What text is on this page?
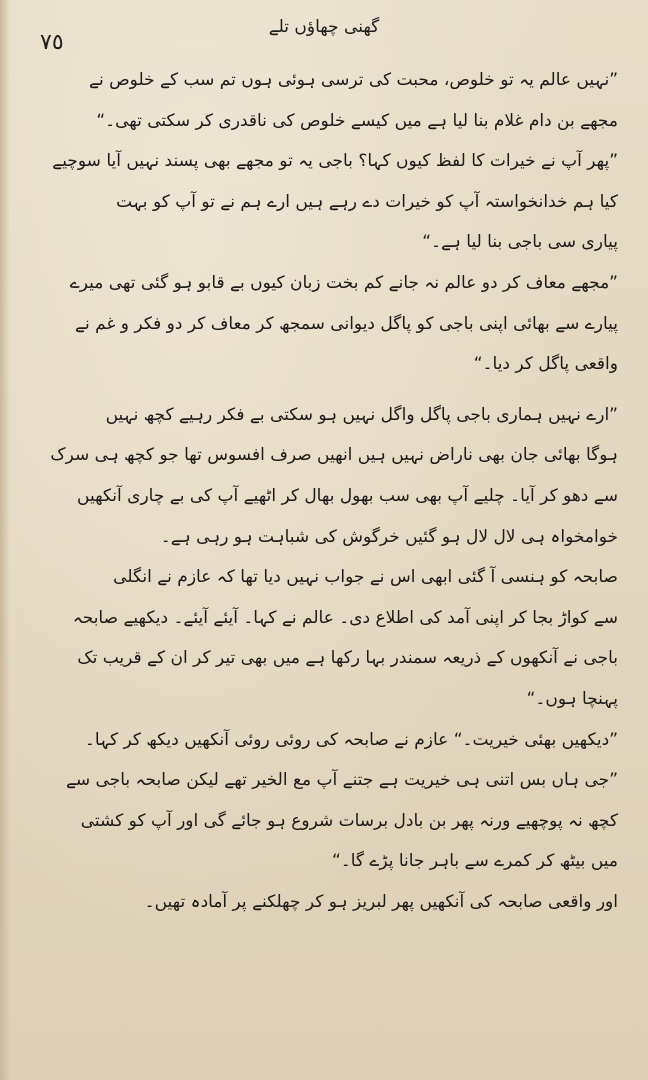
٧٥
گھنی چھاؤں تلے
”نہیں عالم یہ تو خلوص، محبت کی ترسی ہوئی ہوں تم سب کے خلوص نے
مجھے بن دام غلام بنا لیا ہے میں کیسے خلوص کی ناقدری کر سکتی تھی۔“
”پھر آپ نے خیرات کا لفظ کیوں کہا؟ باجی یہ تو مجھے بھی پسند نہیں آیا سوچیے
کیا ہم خدانخواستہ آپ کو خیرات دے رہے ہیں ارے ہم نے تو آپ کو بہت
پیاری سی باجی بنا لیا ہے۔“
”مجھے معاف کر دو عالم نہ جانے کم بخت زبان کیوں بے قابو ہو گئی تھی میرے
پیارے سے بھائی اپنی باجی کو پاگل دیوانی سمجھ کر معاف کر دو فکر و غم نے
واقعی پاگل کر دیا۔“
”ارے نہیں ہماری باجی پاگل واگل نہیں ہو سکتی بے فکر رہیے کچھ نہیں
ہوگا بھائی جان بھی ناراض نہیں ہیں انھیں صرف افسوس تھا جو کچھ ہی سرک
سے دھو کر آیا۔ چلیے آپ بھی سب بھول بھال کر اٹھیے آپ کی بے چاری آنکھیں
خوامخواہ ہی لال لال ہو گئیں خرگوش کی شباہت ہو رہی ہے۔
صابحہ کو ہنسی آ گئی ابھی اس نے جواب نہیں دیا تھا کہ عازم نے انگلی
سے کواڑ بجا کر اپنی آمد کی اطلاع دی۔ عالم نے کہا۔ آیئے آیئے۔ دیکھیے صابحہ
باجی نے آنکھوں کے ذریعہ سمندر بہا رکھا ہے میں بھی تیر کر ان کے قریب تک
پہنچا ہوں۔“
”دیکھیں بھئی خیریت۔“ عازم نے صابحہ کی روئی روئی آنکھیں دیکھ کر کہا۔
”جی ہاں بس اتنی ہی خیریت ہے جتنے آپ مع الخیر تھے لیکن صابحہ باجی سے
کچھ نہ پوچھیے ورنہ پھر بن بادل برسات شروع ہو جائے گی اور آپ کو کشتی
میں بیٹھ کر کمرے سے باہر جانا پڑے گا۔“
اور واقعی صابحہ کی آنکھیں پھر لبریز ہو کر چھلکنے پر آمادہ تھیں۔
